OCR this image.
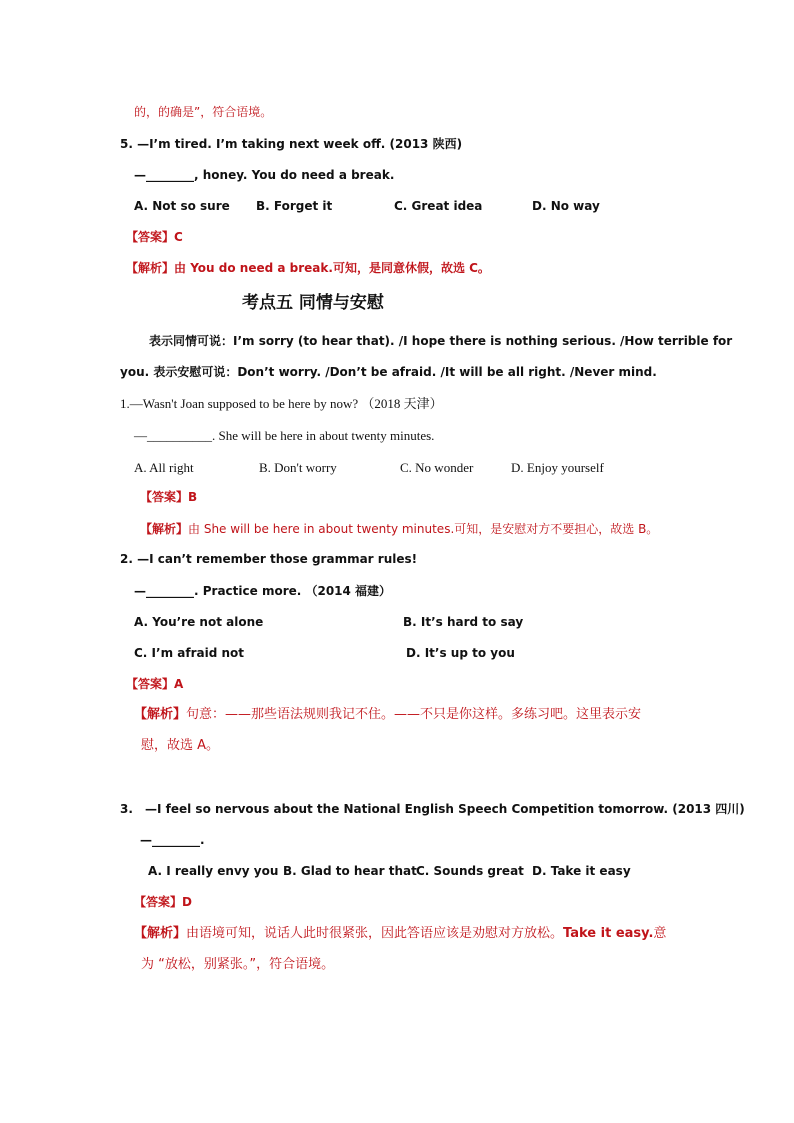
的，的确是”，符合语境。
5. —I’m tired. I’m taking next week off. (2013 陕西)
—________, honey. You do need a break.
A. Not so sure B. Forget it	C. Great idea	D. No way
【答案】C
【解析】由 You do need a break.可知，是同意休假，故选 C。
考点五 同情与安慰
表示同情可说：I’m sorry (to hear that). /I hope there is nothing serious. /How terrible for
you. 表示安慰可说：Don’t worry. /Don’t be afraid. /It will be all right. /Never mind.
1.—Wasn't Joan supposed to be here by now? （2018 天津）
—__________. She will be here in about twenty minutes.
A. All right	B. Don't worry	C. No wonder	D. Enjoy yourself
【答案】B
【解析】由 She will be here in about twenty minutes.可知，是安慰对方不要担心，故选 B。
2. —I can’t remember those grammar rules!
—________. Practice more. （2014 福建）
A. You’re not alone	B. It’s hard to say
C. I’m afraid not	D. It’s up to you
【答案】A
【解析】句意：——那些语法规则我记不住。——不只是你这样。多练习吧。这里表示安
慰，故选 A。
3. —I feel so nervous about the National English Speech Competition tomorrow. (2013 四川)
—________.
A. I really envy you B. Glad to hear that C. Sounds great D. Take it easy
【答案】D
【解析】由语境可知，说话人此时很紧张，因此答语应该是劝慰对方放松。Take it easy.意
为 “放松，别紧张。”，符合语境。
